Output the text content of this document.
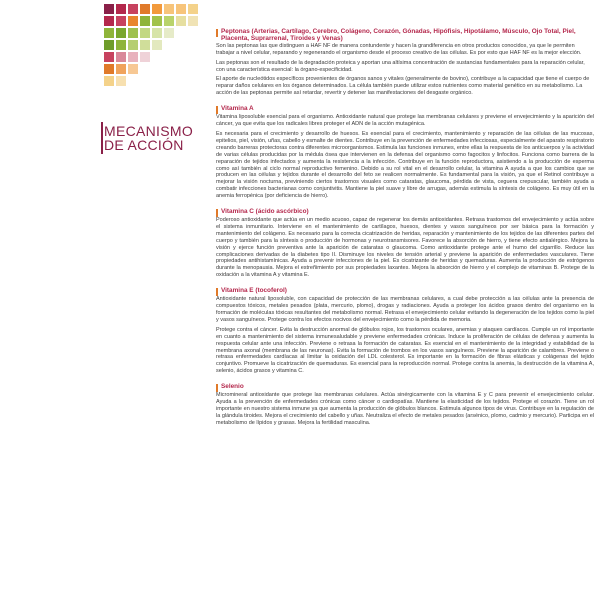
MECANISMO
DE ACCIÓN
Peptonas (Arterias, Cartílago, Cerebro, Colágeno, Corazón, Gónadas, Hipófisis, Hipotálamo, Músculo, Ojo Total, Piel, Placenta, Suprarrenal, Tiroides y Venas)

Son las peptonas las que distinguen a HAF NF de manera contundente y hacen la grandiferencia en otros productos conocidos, ya que le permiten trabajar a nivel celular, reparando y regenerando el organismo desde el proceso creativo de las células. Es por esto que HAF NF es la mejor elección.

Las peptonas son el resultado de la degradación proteica y aportan una altísima concentración de sustancias fundamentales para la reparación celular, con una característica esencial: la órgano-especificidad.

El aporte de nucleótidos específicos provenientes de órganos sanos y vitales (generalmente de bovino), contribuye a la capacidad que tiene el cuerpo de reparar daños celulares en los órganos determinados. La célula también puede utilizar estos nutrientes como material genético en su metabolismo. La acción de las peptonas permite así retardar, revertir y detener las manifestaciones del desgaste orgánico.

Vitamina A

Vitamina liposoluble esencial para el organismo. Antioxidante natural que protege las membranas celulares y previene el envejecimiento y la aparición del cáncer, ya que evita que los radicales libres proteger el ADN de la acción mutagénica.

Es necesaria para el crecimiento y desarrollo de huesos. Es esencial para el crecimiento, mantenimiento y reparación de las células de las mucosas, epitelios, piel, visión, uñas, cabello y esmalte de dientes. Contribuye en la prevención de enfermedades infecciosas, especialmente del aparato respiratorio creando barreras protectoras contra diferentes microorganismos. Estimula las funciones inmunes, entre ellas la respuesta de los anticuerpos y la actividad de varias células producidas por la médula ósea que intervienen en la defensa del organismo como fagocitos y linfocitos. Funciona como barrera de la reparación de tejidos infectados y aumenta la resistencia a la infección. Contribuye en la función reproductora, asistiendo a la producción de esperma como así también al ciclo normal reproductivo femenino. Debido a su rol vital en el desarrollo celular, la vitamina A ayuda a que los cambios que se producen en las células y tejidos durante el desarrollo del feto se realicen normalmente. Es fundamental para la visión, ya que el Retinol contribuye a mejorar la visión nocturna, previniendo ciertos trastornos visuales como cataratas, glaucoma, pérdida de vista, ceguera crepuscular, también ayuda a combatir infecciones bacterianas como conjuntivitis. Mantiene la piel suave y libre de arrugas, además estimula la síntesis de colágeno. Es muy útil en la anemia ferropénica (por deficiencia de hierro).

Vitamina C (ácido ascórbico)

Poderoso antioxidante que actúa en un medio acuoso, capaz de regenerar los demás antioxidantes. Retrasa trastornos del envejecimiento y actúa sobre el sistema inmunitario. Interviene en el mantenimiento de cartílagos, huesos, dientes y vasos sanguíneos por ser básica para la formación y mantenimiento del colágeno. Es necesario para la correcta cicatrización de heridas, reparación y mantenimiento de los tejidos de las diferentes partes del cuerpo y también para la síntesis o producción de hormonas y neurotransmisores. Favorece la absorción de hierro, y tiene efecto antialérgico. Mejora la visión y ejerce función preventiva ante la aparición de cataratas o glaucoma. Como antioxidante protege ante el humo del cigarrillo. Reduce las complicaciones derivadas de la diabetes tipo II. Disminuye los niveles de tensión arterial y previene la aparición de enfermedades vasculares. Tiene propiedades antihistamínicas. Ayuda a prevenir infecciones de la piel. Es cicatrizante de heridas y quemaduras. Aumenta la producción de estrógenos durante la menopausia. Mejora el estreñimiento por sus propiedades laxantes. Mejora la absorción de hierro y el complejo de vitaminas B. Protege de la oxidación a la vitamina A y vitamina E.

Vitamina E (tocoferol)

Antioxidante natural liposoluble, con capacidad de protección de las membranas celulares, a cual debe protección a las células ante la presencia de compuestos tóxicos, metales pesados (plata, mercurio, plomo), drogas y radiaciones. Ayuda a proteger los ácidos grasos dentro del organismo en la formación de moléculas tóxicas resultantes del metabolismo normal. Retrasa el envejecimiento celular evitando la degeneración de los tejidos como la piel y vasos sanguíneos. Protege contra los efectos nocivos del envejecimiento como la pérdida de memoria.

Protege contra el cáncer. Evita la destrucción anormal de glóbulos rojos, los trastornos oculares, anemias y ataques cardíacos. Cumple un rol importante en cuanto a mantenimiento del sistema inmunesaludable y previene enfermedades crónicas. Induce la proliferación de células de defensa y aumenta la respuesta celular ante una infección. Previene o retrasa la formación de cataratas. Es esencial en el mantenimiento de la integridad y estabilidad de la membrana axonal (membrana de las neuronas). Evita la formación de trombos en los vasos sanguíneos. Previene la aparición de calambres. Previene o retrasa enfermedades cardíacas al limitar la oxidación del LDL colesterol. Es importante en la formación de fibras elásticas y colágenas del tejido conjuntivo. Promueve la cicatrización de quemaduras. Es esencial para la reproducción normal. Protege contra la anemia, la destrucción de la vitamina A, selenio, ácidos grasos y vitamina C.

Selenio

Micromineral antioxidante que protege las membranas celulares. Actúa sinérgicamente con la vitamina E y C para prevenir el envejecimiento celular. Ayuda a la prevención de enfermedades crónicas como cáncer o cardiopatías. Mantiene la elasticidad de los tejidos. Protege el corazón. Tiene un rol importante en nuestro sistema inmune ya que aumenta la producción de glóbulos blancos. Estimula algunos tipos de virus. Contribuye en la regulación de la glándula tiroides. Mejora el crecimiento del cabello y uñas. Neutraliza el efecto de metales pesados (arsénico, plomo, cadmio y mercurio). Participa en el metabolismo de lípidos y grasas. Mejora la fertilidad masculina.
